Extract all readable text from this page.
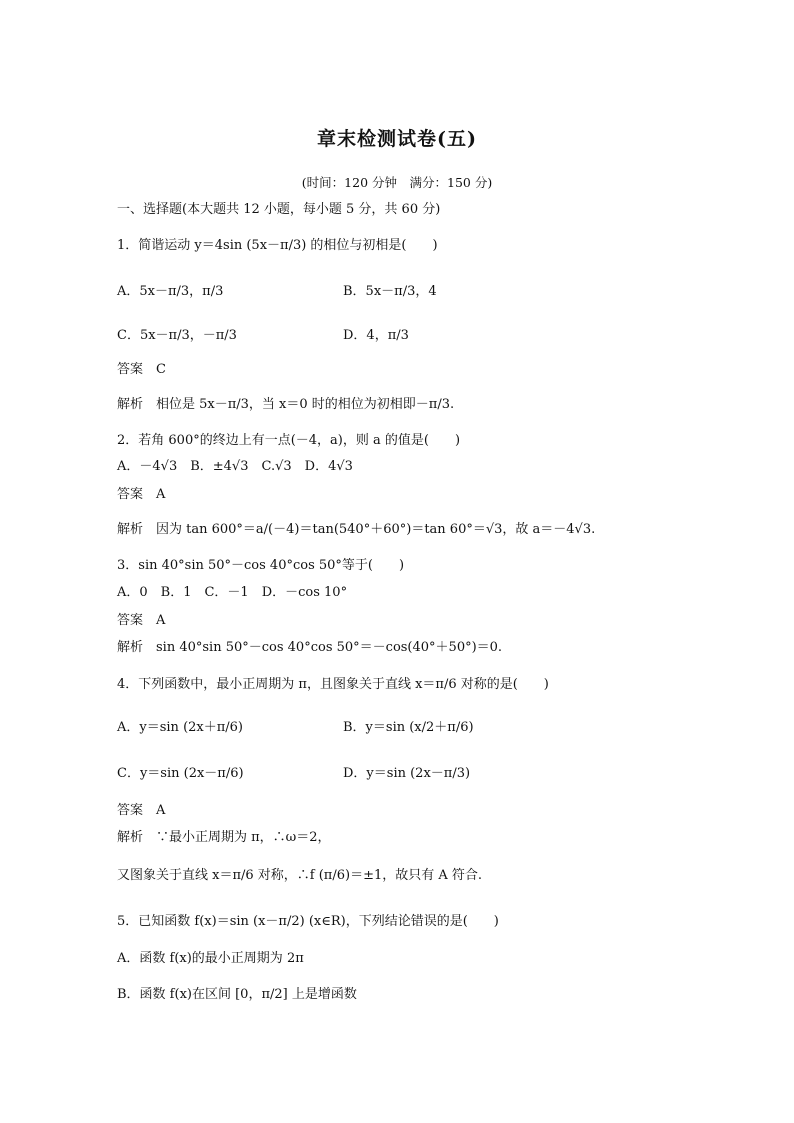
章末检测试卷(五)
(时间：120 分钟　满分：150 分)
一、选择题(本大题共 12 小题，每小题 5 分，共 60 分)
1．简谐运动 y＝4sin (5x－π/3) 的相位与初相是(　　)
A．5x－π/3，π/3	B．5x－π/3，4
C．5x－π/3，－π/3	D．4，π/3
答案　C
解析　相位是 5x－π/3，当 x＝0 时的相位为初相即－π/3.
2．若角 600°的终边上有一点(－4，a)，则 a 的值是(　　)
A．－4√3　B．±4√3　C.√3　D．4√3
答案　A
解析　因为 tan 600°＝a/(－4)＝tan(540°＋60°)＝tan 60°＝√3，故 a＝－4√3.
3．sin 40°sin 50°－cos 40°cos 50°等于(　　)
A．0　B．1　C．－1　D．－cos 10°
答案　A
解析　sin 40°sin 50°－cos 40°cos 50°＝－cos(40°＋50°)＝0.
4．下列函数中，最小正周期为 π，且图象关于直线 x＝π/6 对称的是(　　)
A．y＝sin (2x＋π/6)	B．y＝sin (x/2＋π/6)
C．y＝sin (2x－π/6)	D．y＝sin (2x－π/3)
答案　A
解析　∵最小正周期为 π，∴ω＝2，
又图象关于直线 x＝π/6 对称，∴f (π/6)＝±1，故只有 A 符合.
5．已知函数 f(x)＝sin (x－π/2) (x∈R)，下列结论错误的是(　　)
A．函数 f(x)的最小正周期为 2π
B．函数 f(x)在区间 [0，π/2] 上是增函数
